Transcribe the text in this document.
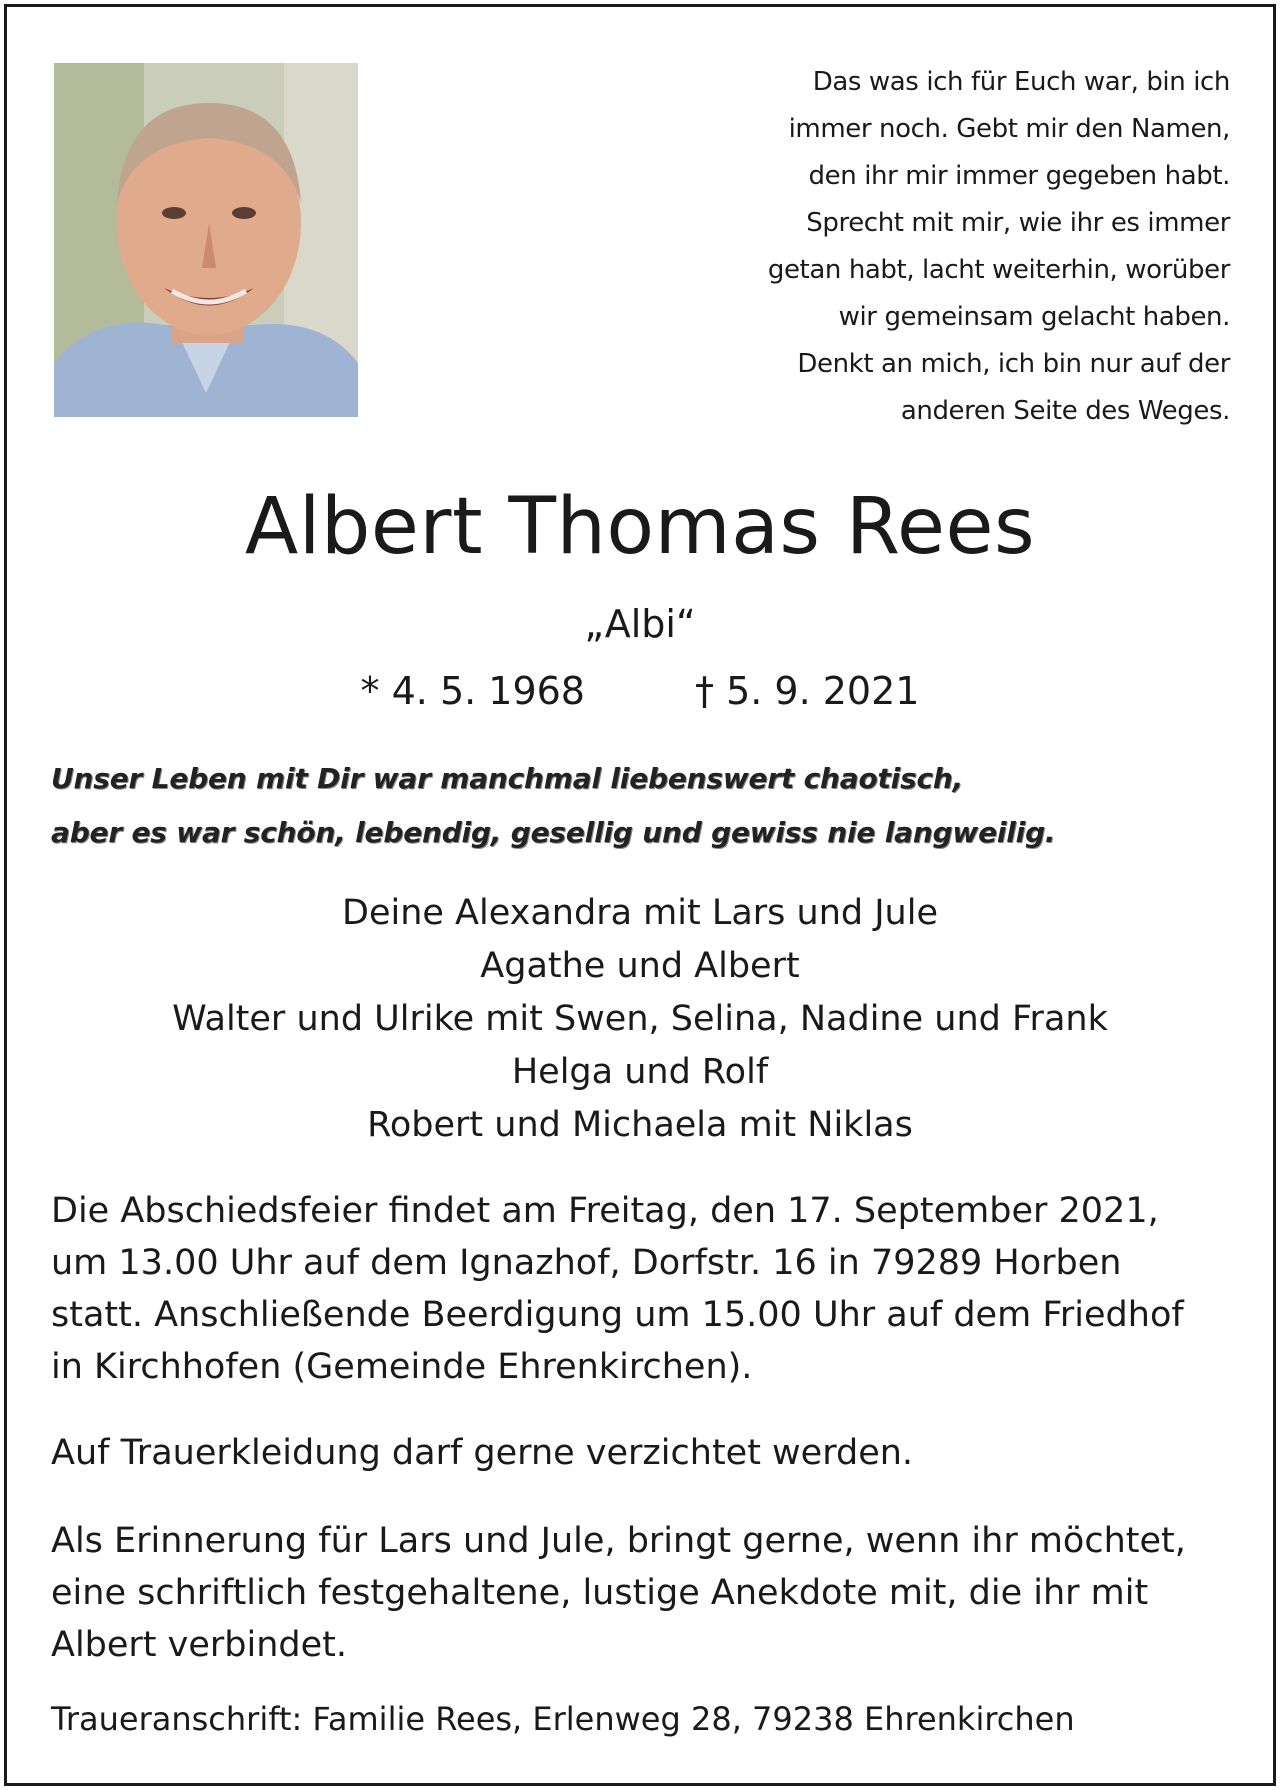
Das was ich für Euch war, bin ich
immer noch. Gebt mir den Namen,
den ihr mir immer gegeben habt.
Sprecht mit mir, wie ihr es immer
getan habt, lacht weiterhin, worüber
wir gemeinsam gelacht haben.
Denkt an mich, ich bin nur auf der
anderen Seite des Weges.
Albert Thomas Rees
„Albi“
* 4. 5. 1968	† 5. 9. 2021
Unser Leben mit Dir war manchmal liebenswert chaotisch,
aber es war schön, lebendig, gesellig und gewiss nie langweilig.
Deine Alexandra mit Lars und Jule
Agathe und Albert
Walter und Ulrike mit Swen, Selina, Nadine und Frank
Helga und Rolf
Robert und Michaela mit Niklas
Die Abschiedsfeier findet am Freitag, den 17. September 2021,
um 13.00 Uhr auf dem Ignazhof, Dorfstr. 16 in 79289 Horben
statt. Anschließende Beerdigung um 15.00 Uhr auf dem Friedhof
in Kirchhofen (Gemeinde Ehrenkirchen).
Auf Trauerkleidung darf gerne verzichtet werden.
Als Erinnerung für Lars und Jule, bringt gerne, wenn ihr möchtet,
eine schriftlich festgehaltene, lustige Anekdote mit, die ihr mit
Albert verbindet.
Traueranschrift: Familie Rees, Erlenweg 28, 79238 Ehrenkirchen
